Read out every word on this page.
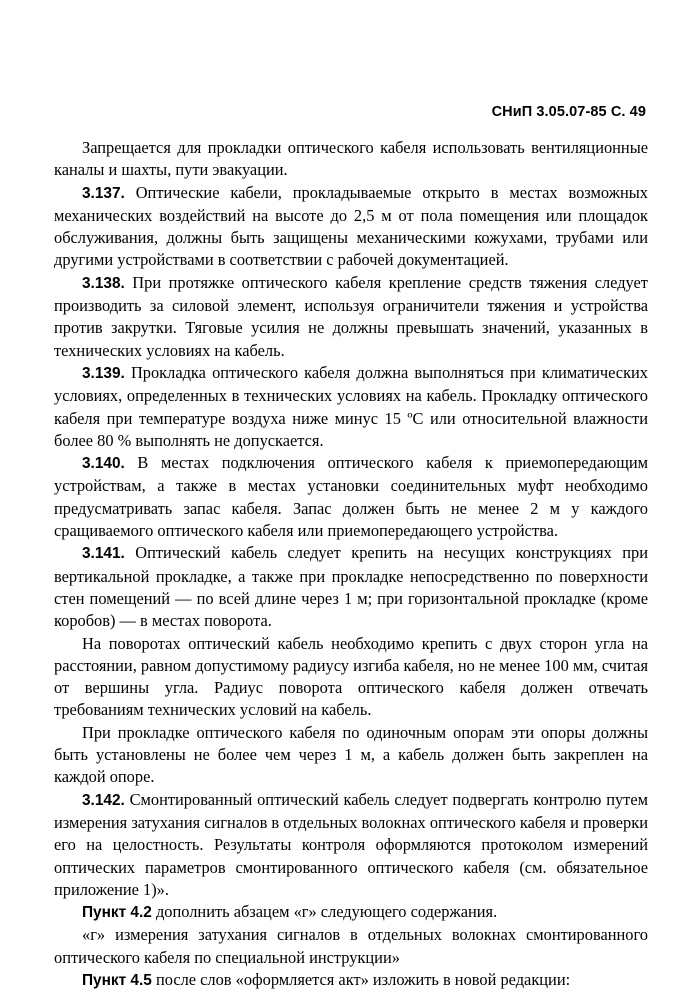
СНиП 3.05.07-85 С. 49

Запрещается для прокладки оптического кабеля использовать вентиляционные каналы и шахты, пути эвакуации.

3.137. Оптические кабели, прокладываемые открыто в местах возможных механических воздействий на высоте до 2,5 м от пола помещения или площадок обслуживания, должны быть защищены механическими кожухами, трубами или другими устройствами в соответствии с рабочей документацией.

3.138. При протяжке оптического кабеля крепление средств тяжения следует производить за силовой элемент, используя ограничители тяжения и устройства против закрутки. Тяговые усилия не должны превышать значений, указанных в технических условиях на кабель.

3.139. Прокладка оптического кабеля должна выполняться при климатических условиях, определенных в технических условиях на кабель. Прокладку оптического кабеля при температуре воздуха ниже минус 15 ºС или относительной влажности более 80 % выполнять не допускается.

3.140. В местах подключения оптического кабеля к приемопередающим устройствам, а также в местах установки соединительных муфт необходимо предусматривать запас кабеля. Запас должен быть не менее 2 м у каждого сращиваемого оптического кабеля или приемопередающего устройства.

3.141. Оптический кабель следует крепить на несущих конструкциях при вертикальной прокладке, а также при прокладке непосредственно по поверхности стен помещений — по всей длине через 1 м; при горизонтальной прокладке (кроме коробов) — в местах поворота.

На поворотах оптический кабель необходимо крепить с двух сторон угла на расстоянии, равном допустимому радиусу изгиба кабеля, но не менее 100 мм, считая от вершины угла. Радиус поворота оптического кабеля должен отвечать требованиям технических условий на кабель.

При прокладке оптического кабеля по одиночным опорам эти опоры должны быть установлены не более чем через 1 м, а кабель должен быть закреплен на каждой опоре.

3.142. Смонтированный оптический кабель следует подвергать контролю путем измерения затухания сигналов в отдельных волокнах оптического кабеля и проверки его на целостность. Результаты контроля оформляются протоколом измерений оптических параметров смонтированного оптического кабеля (см. обязательное приложение 1)».

Пункт 4.2 дополнить абзацем «г» следующего содержания.

«г» измерения затухания сигналов в отдельных волокнах смонтированного оптического кабеля по специальной инструкции»

Пункт 4.5 после слов «оформляется акт» изложить в новой редакции:
